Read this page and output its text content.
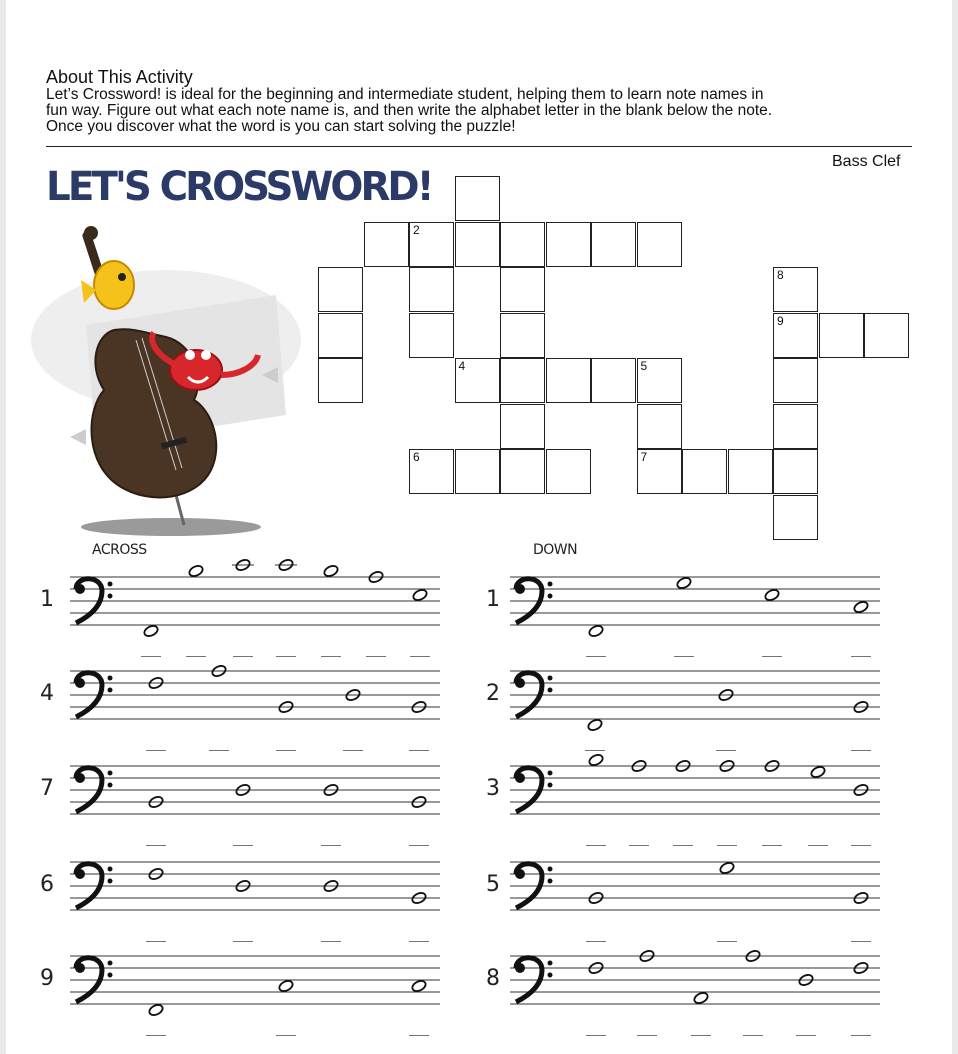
About This Activity
Let’s Crossword! is ideal for the beginning and intermediate student, helping them to learn note names in
fun way. Figure out what each note name is, and then write the alphabet letter in the blank below the note.
Once you discover what the word is you can start solving the puzzle!
Bass Clef
LET'S CROSSWORD!
ACROSS	DOWN
2
8
9
4	5
6	7
1
4
7
6
9
1
2
3
5
8
